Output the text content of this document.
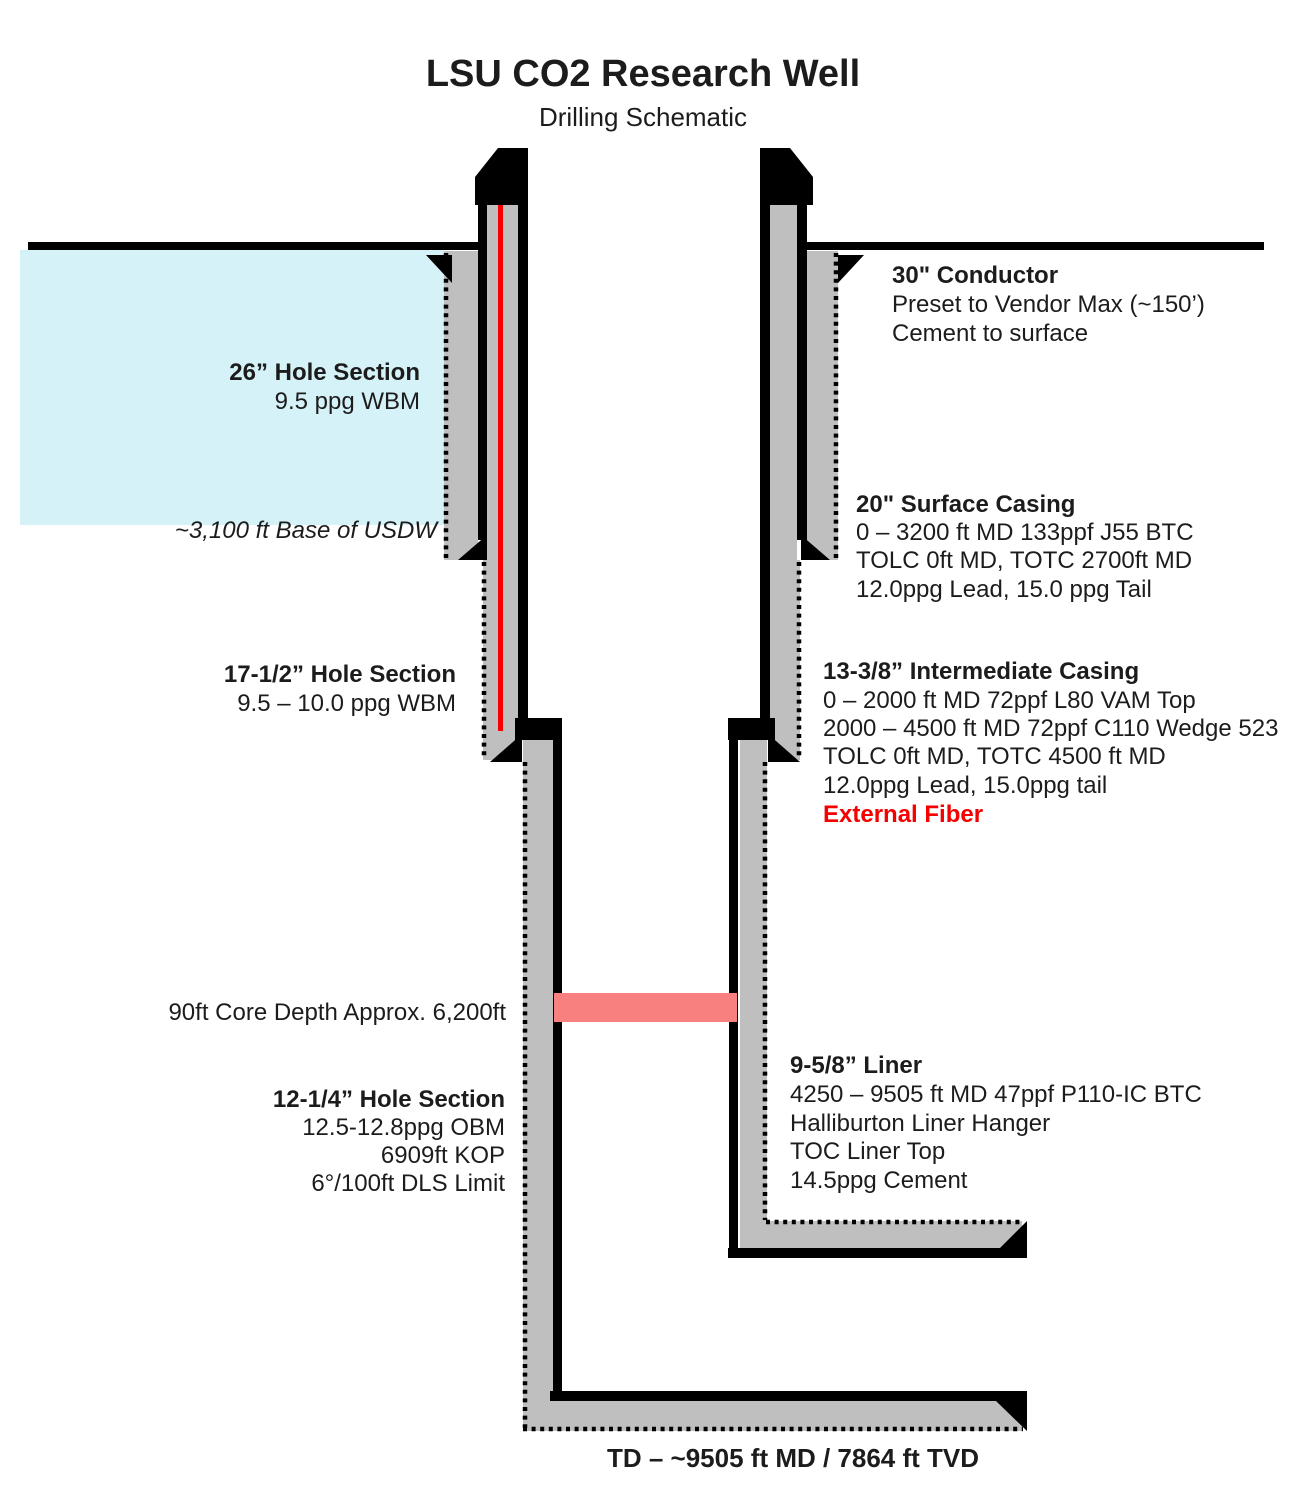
LSU CO2 Research Well
Drilling Schematic
26” Hole Section
9.5 ppg WBM
~3,100 ft Base of USDW
17-1/2” Hole Section
9.5 – 10.0 ppg WBM
90ft Core Depth Approx. 6,200ft
12-1/4” Hole Section
12.5-12.8ppg OBM
6909ft KOP
6°/100ft DLS Limit
30" Conductor
Preset to Vendor Max (~150’)
Cement to surface
20" Surface Casing
0 – 3200 ft MD 133ppf J55 BTC
TOLC 0ft MD, TOTC 2700ft MD
12.0ppg Lead, 15.0 ppg Tail
13-3/8” Intermediate Casing
0 – 2000 ft MD 72ppf L80 VAM Top
2000 – 4500 ft MD 72ppf C110 Wedge 523
TOLC 0ft MD, TOTC 4500 ft MD
12.0ppg Lead, 15.0ppg tail
External Fiber
9-5/8” Liner
4250 – 9505 ft MD 47ppf P110-IC BTC
Halliburton Liner Hanger
TOC Liner Top
14.5ppg Cement
TD – ~9505 ft MD / 7864 ft TVD
